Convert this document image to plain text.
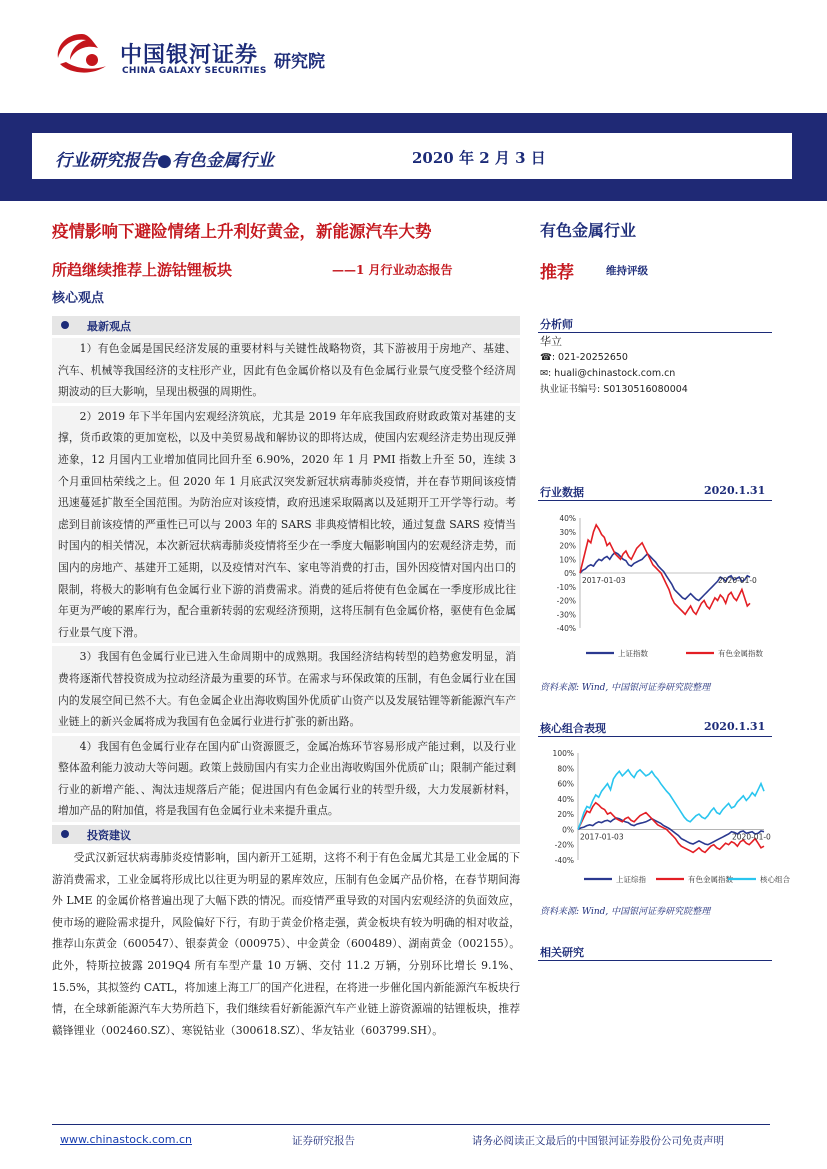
中国银河证券
CHINA GALAXY SECURITIES 研究院
行业研究报告●有色金属行业	2020 年 2 月 3 日
疫情影响下避险情绪上升利好黄金，新能源汽车大势
所趋继续推荐上游钴锂板块	——1 月行业动态报告
核心观点
最新观点

1）有色金属是国民经济发展的重要材料与关键性战略物资，其下游被用于房地产、基建、汽车、机械等我国经济的支柱形产业，因此有色金属价格以及有色金属行业景气度受整个经济周期波动的巨大影响，呈现出极强的周期性。

2）2019 年下半年国内宏观经济筑底，尤其是 2019 年年底我国政府财政政策对基建的支撑，货币政策的更加宽松，以及中美贸易战和解协议的即将达成，使国内宏观经济走势出现反弹迹象，12 月国内工业增加值同比回升至 6.90%，2020 年 1 月 PMI 指数上升至 50，连续 3 个月重回枯荣线之上。但 2020 年 1 月底武汉突发新冠状病毒肺炎疫情，并在春节期间该疫情迅速蔓延扩散至全国范围。为防治应对该疫情，政府迅速采取隔离以及延期开工开学等行动。考虑到目前该疫情的严重性已可以与 2003 年的 SARS 非典疫情相比较，通过复盘 SARS 疫情当时国内的相关情况，本次新冠状病毒肺炎疫情将至少在一季度大幅影响国内的宏观经济走势，而国内的房地产、基建开工延期，以及疫情对汽车、家电等消费的打击，国外因疫情对国内出口的限制，将极大的影响有色金属行业下游的消费需求。消费的延后将使有色金属在一季度形成比往年更为严峻的累库行为，配合重新转弱的宏观经济预期，这将压制有色金属价格，驱使有色金属行业景气度下滑。

3）我国有色金属行业已进入生命周期中的成熟期。我国经济结构转型的趋势愈发明显，消费将逐渐代替投资成为拉动经济最为重要的环节。在需求与环保政策的压制，有色金属行业在国内的发展空间已然不大。有色金属企业出海收购国外优质矿山资产以及发展钴锂等新能源汽车产业链上的新兴金属将成为我国有色金属行业进行扩张的新出路。

4）我国有色金属行业存在国内矿山资源匮乏，金属冶炼环节容易形成产能过剩，以及行业整体盈利能力波动大等问题。政策上鼓励国内有实力企业出海收购国外优质矿山；限制产能过剩行业的新增产能、、淘汰违规落后产能；促进国内有色金属行业的转型升级，大力发展新材料，增加产品的附加值，将是我国有色金属行业未来提升重点。

投资建议

受武汉新冠状病毒肺炎疫情影响，国内新开工延期，这将不利于有色金属尤其是工业金属的下游消费需求，工业金属将形成比以往更为明显的累库效应，压制有色金属产品价格，在春节期间海外 LME 的金属价格普遍出现了大幅下跌的情况。而疫情严重导致的对国内宏观经济的负面效应，使市场的避险需求提升，风险偏好下行，有助于黄金价格走强，黄金板块有较为明确的相对收益，推荐山东黄金（600547）、银泰黄金（000975）、中金黄金（600489）、湖南黄金（002155）。此外，特斯拉披露 2019Q4 所有车型产量 10 万辆、交付 11.2 万辆，分别环比增长 9.1%、15.5%，其拟签约 CATL，将加速上海工厂的国产化进程，在将进一步催化国内新能源汽车板块行情，在全球新能源汽车大势所趋下，我们继续看好新能源汽车产业链上游资源端的钴锂板块，推荐赣锋锂业（002460.SZ）、寒锐钴业（300618.SZ）、华友钴业（603799.SH）。

有色金属行业
推荐	维持评级
分析师
华立
☎: 021-20252650
✉: huali@chinastock.com.cn
执业证书编号: S0130516080004
行业数据	2020.1.31
40%
30%
20%
10%
0%
-10%
-20%
-30%
-40%
2017-01-03	2020-01-0
上证指数	有色金属指数
资料来源: Wind, 中国银河证券研究院整理
核心组合表现	2020.1.31
100%
80%
60%
40%
20%
0%
-20%
-40%
2017-01-03	2020-01-0
上证综指	有色金属指数	核心组合
资料来源: Wind, 中国银河证券研究院整理
相关研究
www.chinastock.com.cn	证券研究报告	请务必阅读正文最后的中国银河证券股份公司免责声明
